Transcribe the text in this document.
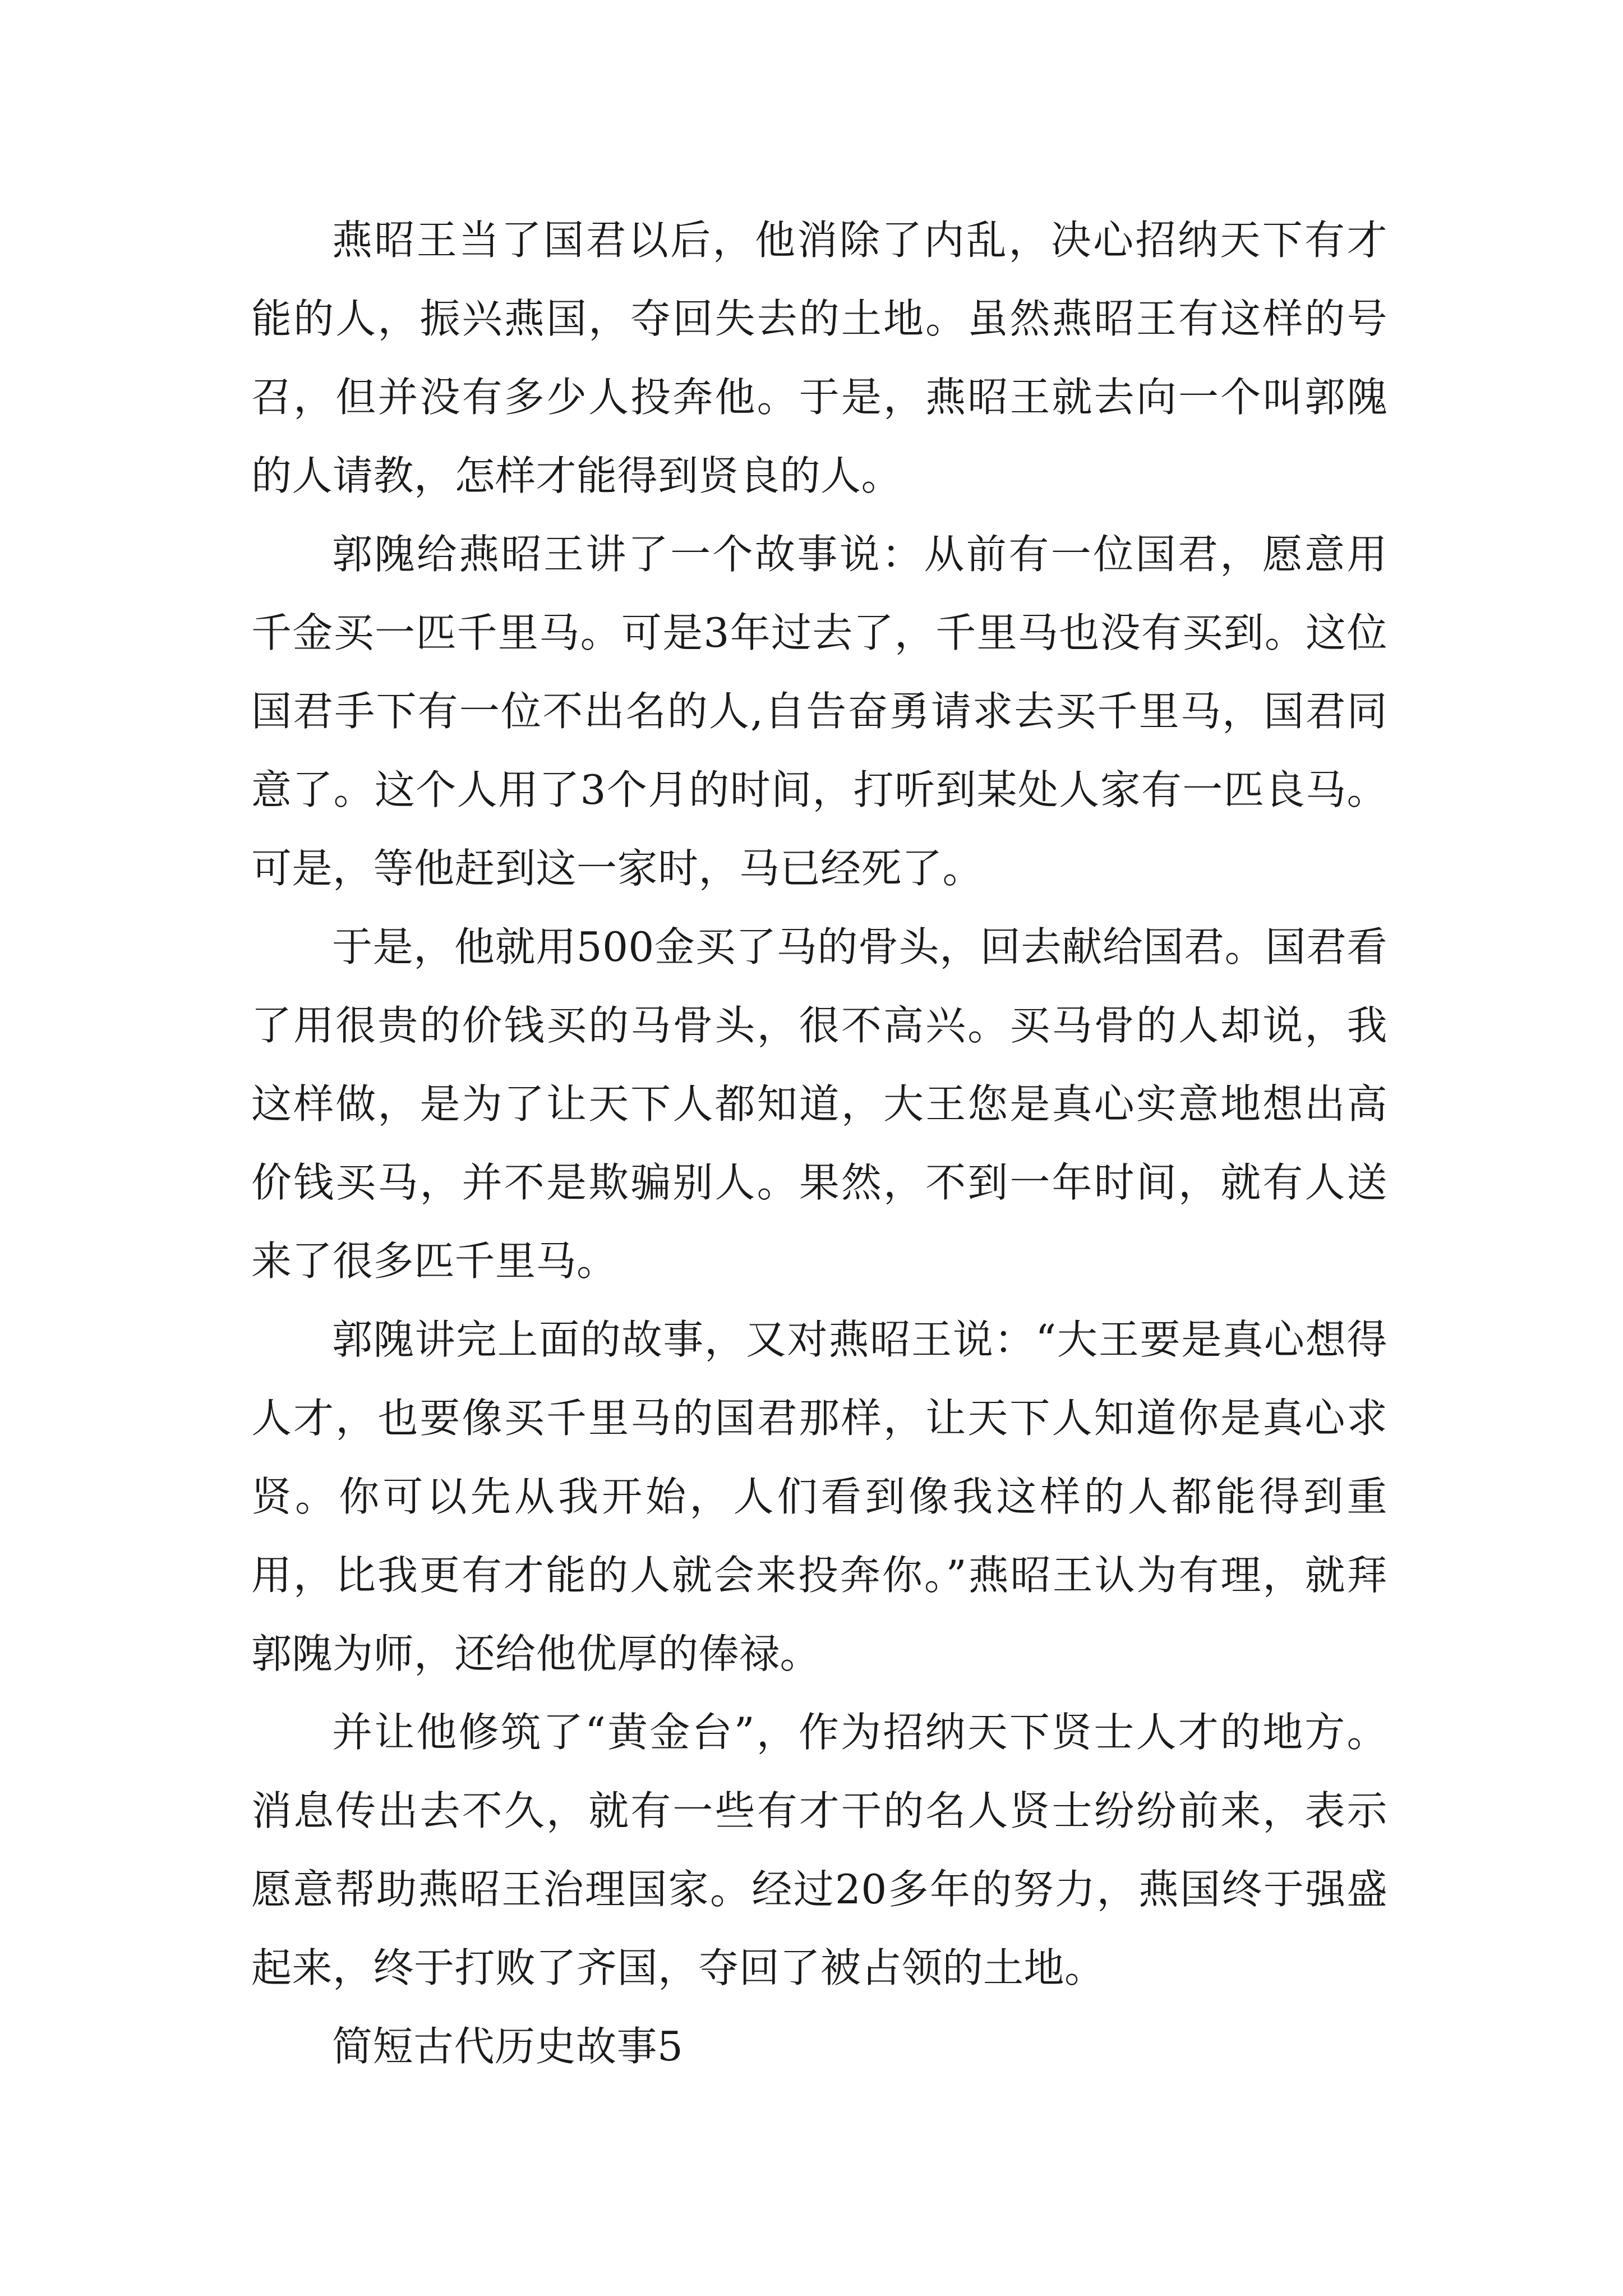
燕昭王当了国君以后，他消除了内乱，决心招纳天下有才能的人，振兴燕国，夺回失去的土地。虽然燕昭王有这样的号召，但并没有多少人投奔他。于是，燕昭王就去向一个叫郭隗的人请教，怎样才能得到贤良的人。

郭隗给燕昭王讲了一个故事说：从前有一位国君，愿意用千金买一匹千里马。可是3年过去了，千里马也没有买到。这位国君手下有一位不出名的人,自告奋勇请求去买千里马，国君同意了。这个人用了3个月的时间，打听到某处人家有一匹良马。可是，等他赶到这一家时，马已经死了。

于是，他就用500金买了马的骨头，回去献给国君。国君看了用很贵的价钱买的马骨头，很不高兴。买马骨的人却说，我这样做，是为了让天下人都知道，大王您是真心实意地想出高价钱买马，并不是欺骗别人。果然，不到一年时间，就有人送来了很多匹千里马。

郭隗讲完上面的故事，又对燕昭王说：“大王要是真心想得人才，也要像买千里马的国君那样，让天下人知道你是真心求贤。你可以先从我开始，人们看到像我这样的人都能得到重用，比我更有才能的人就会来投奔你。”燕昭王认为有理，就拜郭隗为师，还给他优厚的俸禄。

并让他修筑了“黄金台”，作为招纳天下贤士人才的地方。消息传出去不久，就有一些有才干的名人贤士纷纷前来，表示愿意帮助燕昭王治理国家。经过20多年的努力，燕国终于强盛起来，终于打败了齐国，夺回了被占领的土地。

简短古代历史故事5
